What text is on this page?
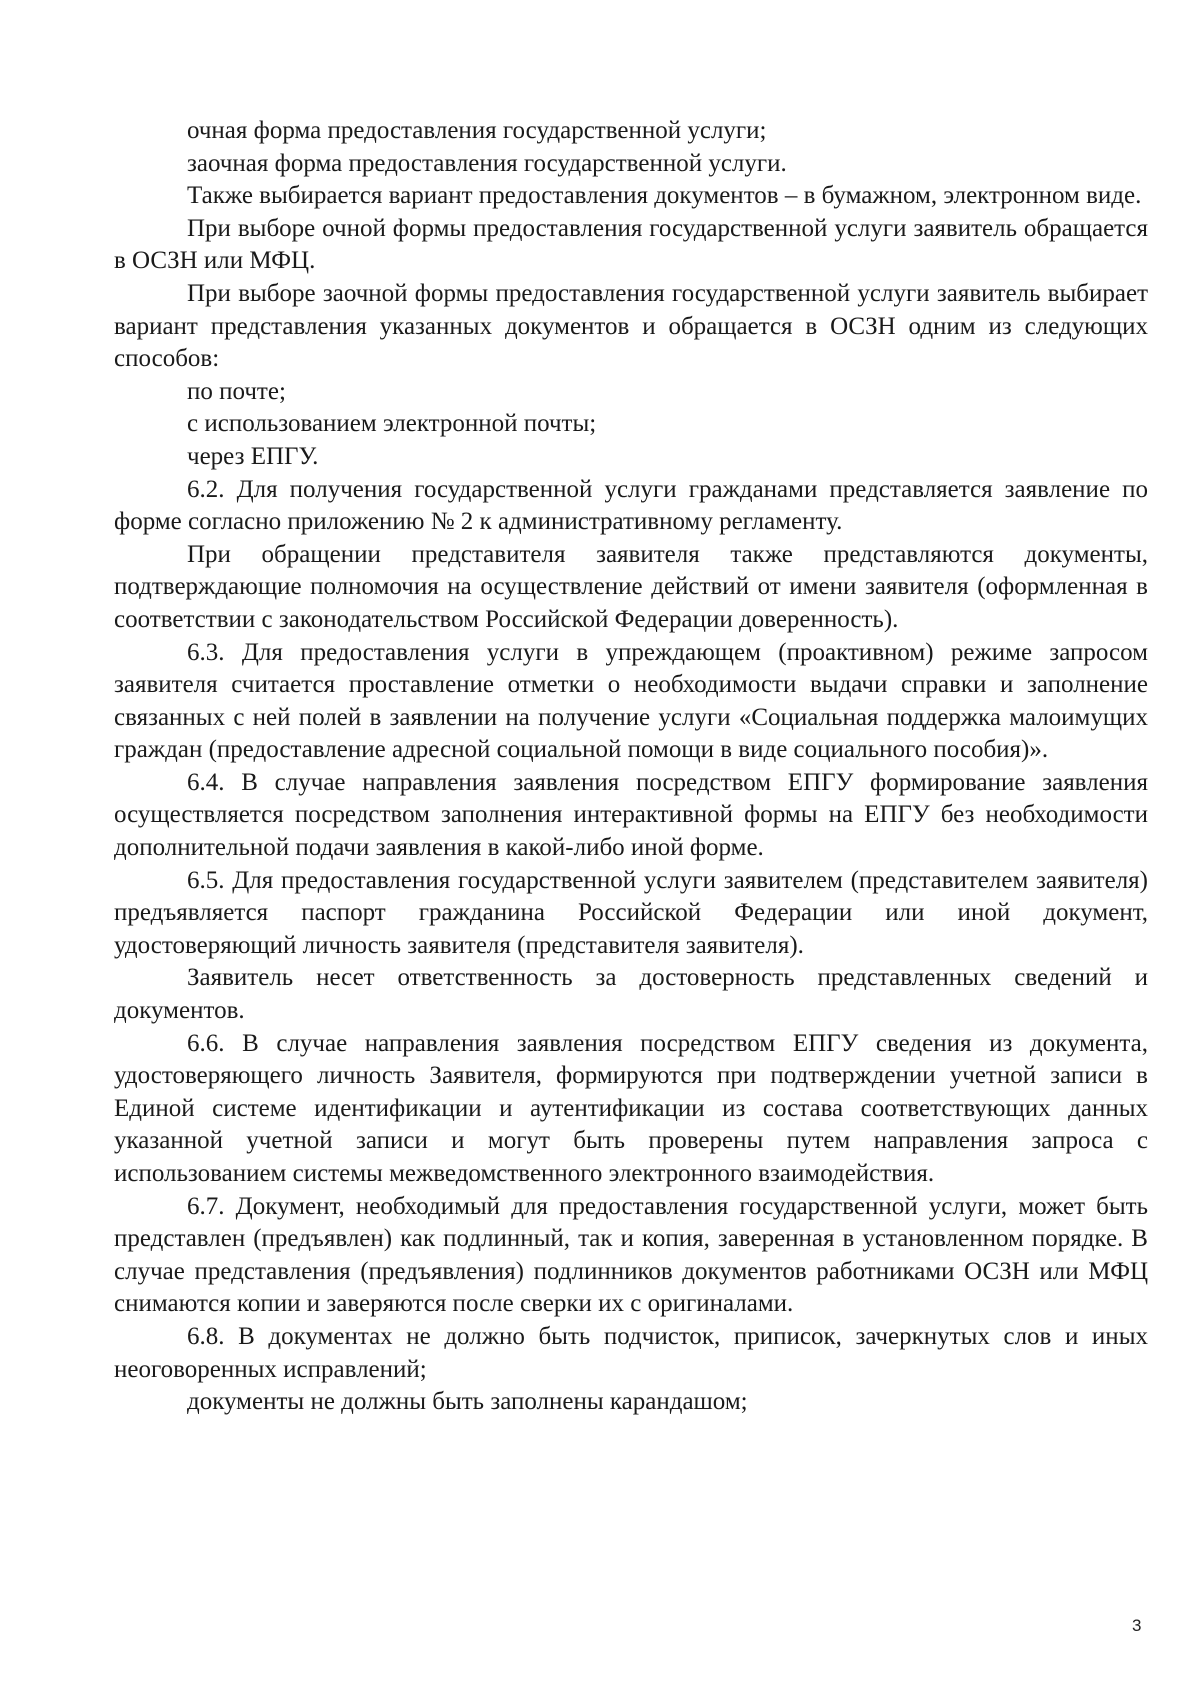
очная форма предоставления государственной услуги;

заочная форма предоставления государственной услуги.

Также выбирается вариант предоставления документов – в бумажном, электронном виде.

При выборе очной формы предоставления государственной услуги заявитель обращается в ОСЗН или МФЦ.

При выборе заочной формы предоставления государственной услуги заявитель выбирает вариант представления указанных документов и обращается в ОСЗН одним из следующих способов:

по почте;

с использованием электронной почты;

через ЕПГУ.

6.2. Для получения государственной услуги гражданами представляется заявление по форме согласно приложению № 2 к административному регламенту.

При обращении представителя заявителя также представляются документы, подтверждающие полномочия на осуществление действий от имени заявителя (оформленная в соответствии с законодательством Российской Федерации доверенность).

6.3. Для предоставления услуги в упреждающем (проактивном) режиме запросом заявителя считается проставление отметки о необходимости выдачи справки и заполнение связанных с ней полей в заявлении на получение услуги «Социальная поддержка малоимущих граждан (предоставление адресной социальной помощи в виде социального пособия)».

6.4. В случае направления заявления посредством ЕПГУ формирование заявления осуществляется посредством заполнения интерактивной формы на ЕПГУ без необходимости дополнительной подачи заявления в какой-либо иной форме.

6.5. Для предоставления государственной услуги заявителем (представителем заявителя) предъявляется паспорт гражданина Российской Федерации или иной документ, удостоверяющий личность заявителя (представителя заявителя).

Заявитель несет ответственность за достоверность представленных сведений и документов.

6.6. В случае направления заявления посредством ЕПГУ сведения из документа, удостоверяющего личность Заявителя, формируются при подтверждении учетной записи в Единой системе идентификации и аутентификации из состава соответствующих данных указанной учетной записи и могут быть проверены путем направления запроса с использованием системы межведомственного электронного взаимодействия.

6.7. Документ, необходимый для предоставления государственной услуги, может быть представлен (предъявлен) как подлинный, так и копия, заверенная в установленном порядке. В случае представления (предъявления) подлинников документов работниками ОСЗН или МФЦ снимаются копии и заверяются после сверки их с оригиналами.

6.8. В документах не должно быть подчисток, приписок, зачеркнутых слов и иных неоговоренных исправлений;

документы не должны быть заполнены карандашом;

3
